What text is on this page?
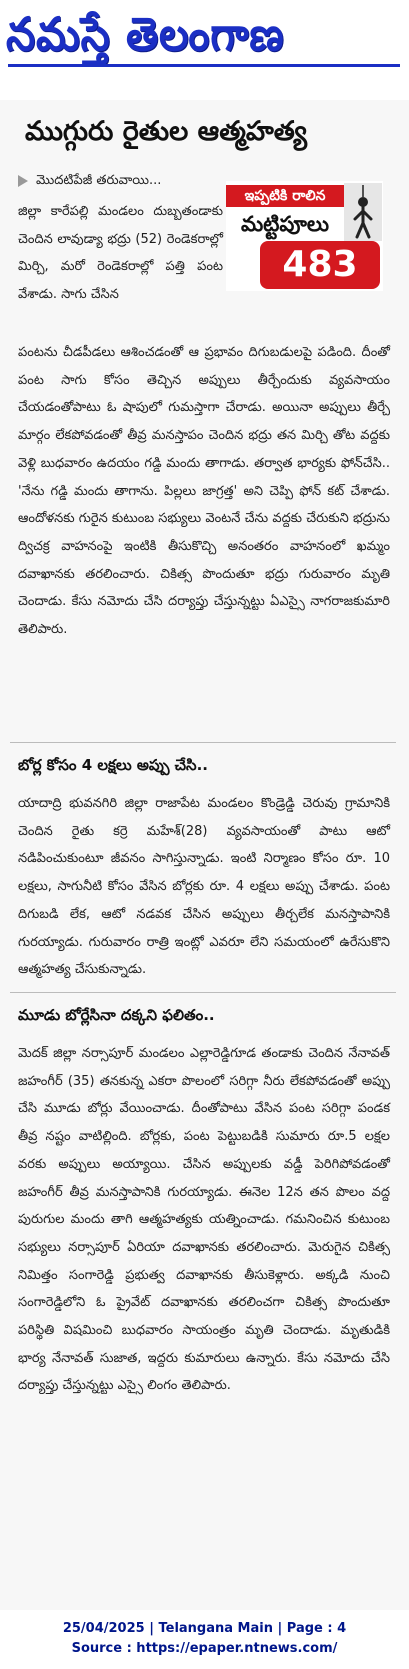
నమస్తే తెలంగాణ
ముగ్గురు రైతుల ఆత్మహత్య
మొదటిపేజీ తరువాయి...
ఇప్పటికి రాలిన
మట్టిపూలు
483
జిల్లా కారేపల్లి మండలం దుబ్బతండాకు చెందిన లావుడ్యా భద్రు (52) రెండెకరాల్లో మిర్చి, మరో రెండెకరాల్లో పత్తి పంట వేశాడు. సాగు చేసిన
పంటను చీడపీడలు ఆశించడంతో ఆ ప్రభావం దిగుబడులపై పడింది. దీంతో పంట సాగు కోసం తెచ్చిన అప్పులు తీర్చేందుకు వ్యవసాయం చేయడంతోపాటు ఓ షాపులో గుమస్తాగా చేరాడు. అయినా అప్పులు తీర్చే మార్గం లేకపోవడంతో తీవ్ర మనస్తాపం చెందిన భద్రు తన మిర్చి తోట వద్దకు వెళ్లి బుధవారం ఉదయం గడ్డి మందు తాగాడు. తర్వాత భార్యకు ఫోన్‌చేసి.. 'నేను గడ్డి మందు తాగాను. పిల్లలు జాగ్రత్త' అని చెప్పి ఫోన్ కట్ చేశాడు. ఆందోళనకు గురైన కుటుంబ సభ్యులు వెంటనే చేను వద్దకు చేరుకుని భద్రును ద్విచక్ర వాహనంపై ఇంటికి తీసుకొచ్చి అనంతరం వాహనంలో ఖమ్మం దవాఖానకు తరలించారు. చికిత్స పొందుతూ భద్రు గురువారం మృతి చెందాడు. కేసు నమోదు చేసి దర్యాప్తు చేస్తున్నట్టు ఏఎస్సై నాగరాజకుమారి తెలిపారు.
బోర్ల కోసం 4 లక్షలు అప్పు చేసి..
యాదాద్రి భువనగిరి జిల్లా రాజాపేట మండలం కొండ్రెడ్డి చెరువు గ్రామానికి చెందిన రైతు కర్రె మహేశ్(28) వ్యవసాయంతో పాటు ఆటో నడిపించుకుంటూ జీవనం సాగిస్తున్నాడు. ఇంటి నిర్మాణం కోసం రూ. 10 లక్షలు, సాగునీటి కోసం వేసిన బోర్లకు రూ. 4 లక్షలు అప్పు చేశాడు. పంట దిగుబడి లేక, ఆటో నడవక చేసిన అప్పులు తీర్చలేక మనస్తాపానికి గురయ్యాడు. గురువారం రాత్రి ఇంట్లో ఎవరూ లేని సమయంలో ఉరేసుకొని ఆత్మహత్య చేసుకున్నాడు.
మూడు బోర్లేసినా దక్కని ఫలితం..
మెదక్ జిల్లా నర్సాపూర్ మండలం ఎల్లారెడ్డిగూడ తండాకు చెందిన నేనావత్ జహంగీర్ (35) తనకున్న ఎకరా పొలంలో సరిగ్గా నీరు లేకపోవడంతో అప్పు చేసి మూడు బోర్లు వేయించాడు. దీంతోపాటు వేసిన పంట సరిగ్గా పండక తీవ్ర నష్టం వాటిల్లింది. బోర్లకు, పంట పెట్టుబడికి సుమారు రూ.5 లక్షల వరకు అప్పులు అయ్యాయి. చేసిన అప్పులకు వడ్డీ పెరిగిపోవడంతో జహంగీర్ తీవ్ర మనస్తాపానికి గురయ్యాడు. ఈనెల 12న తన పొలం వద్ద పురుగుల మందు తాగి ఆత్మహత్యకు యత్నించాడు. గమనించిన కుటుంబ సభ్యులు నర్సాపూర్ ఏరియా దవాఖానకు తరలించారు. మెరుగైన చికిత్స నిమిత్తం సంగారెడ్డి ప్రభుత్వ దవాఖానకు తీసుకెళ్లారు. అక్కడి నుంచి సంగారెడ్డిలోని ఓ ప్రైవేట్ దవాఖానకు తరలించగా చికిత్స పొందుతూ పరిస్థితి విషమించి బుధవారం సాయంత్రం మృతి చెందాడు. మృతుడికి భార్య నేనావత్ సుజాత, ఇద్దరు కుమారులు ఉన్నారు. కేసు నమోదు చేసి దర్యాప్తు చేస్తున్నట్టు ఎస్సై లింగం తెలిపారు.
25/04/2025 | Telangana Main | Page : 4
Source : https://epaper.ntnews.com/
